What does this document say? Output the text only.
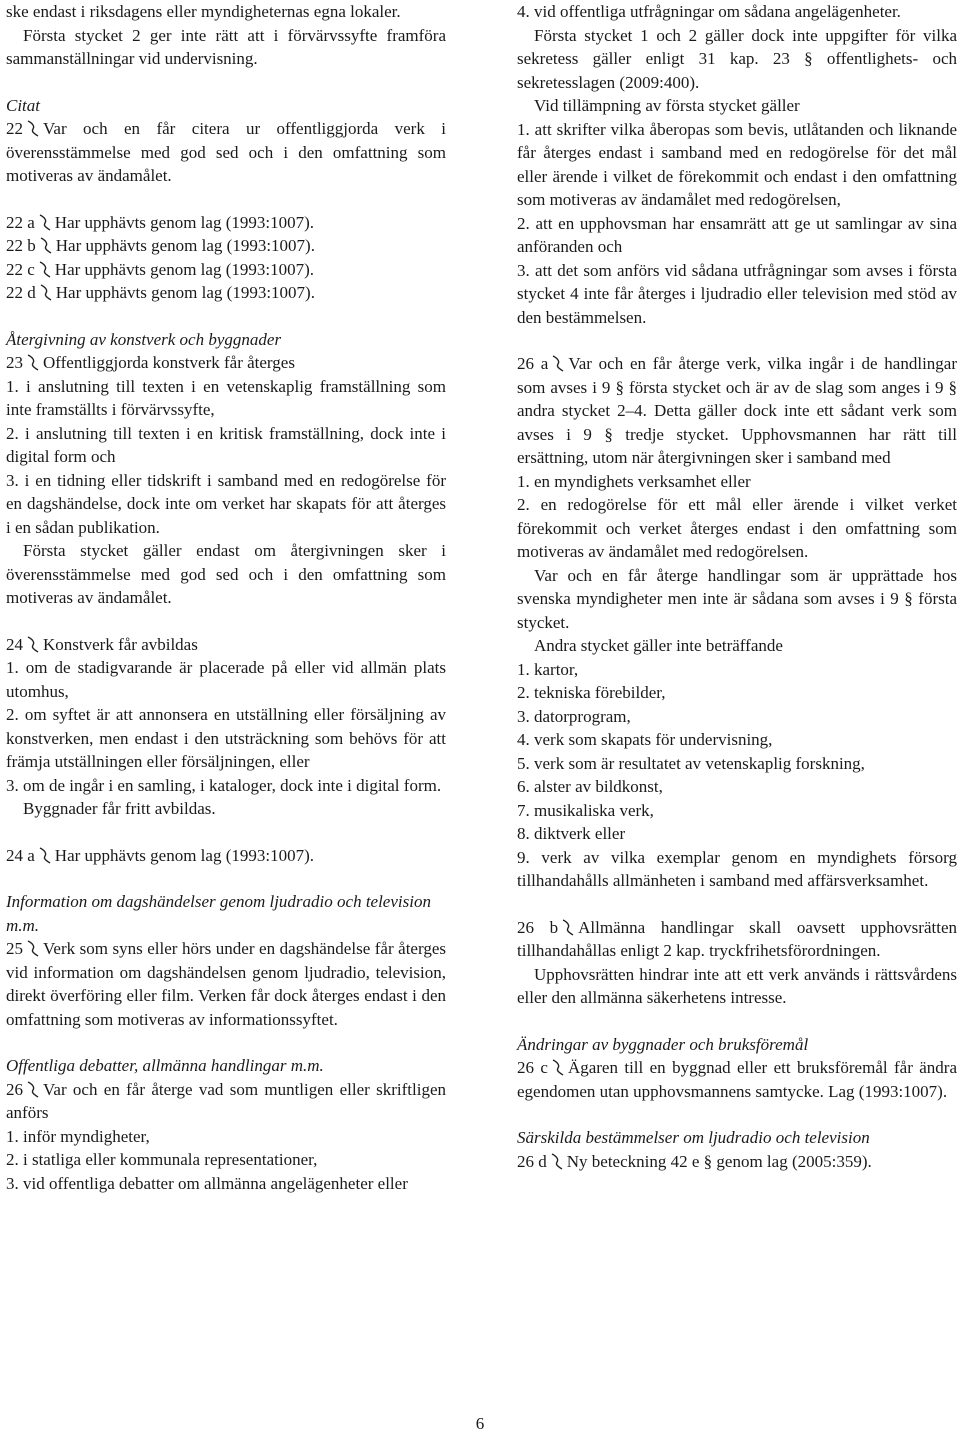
ske endast i riksdagens eller myndigheternas egna lokaler.

Första stycket 2 ger inte rätt att i förvärvssyfte framföra sammanställningar vid undervisning.

Citat

22 Var och en får citera ur offentliggjorda verk i överensstämmelse med god sed och i den omfattning som motiveras av ändamålet.

22 a Har upphävts genom lag (1993:1007).

22 b Har upphävts genom lag (1993:1007).

22 c Har upphävts genom lag (1993:1007).

22 d Har upphävts genom lag (1993:1007).

Återgivning av konstverk och byggnader

23 Offentliggjorda konstverk får återges

1. i anslutning till texten i en vetenskaplig framställning som inte framställts i förvärvssyfte,

2. i anslutning till texten i en kritisk framställning, dock inte i digital form och

3. i en tidning eller tidskrift i samband med en redogörelse för en dagshändelse, dock inte om verket har skapats för att återges i en sådan publikation.

Första stycket gäller endast om återgivningen sker i överensstämmelse med god sed och i den omfattning som motiveras av ändamålet.

24 Konstverk får avbildas

1. om de stadigvarande är placerade på eller vid allmän plats utomhus,

2. om syftet är att annonsera en utställning eller försäljning av konstverken, men endast i den utsträckning som behövs för att främja utställningen eller försäljningen, eller

3. om de ingår i en samling, i kataloger, dock inte i digital form.

Byggnader får fritt avbildas.

24 a Har upphävts genom lag (1993:1007).

Information om dagshändelser genom ljudradio och television m.m.

25 Verk som syns eller hörs under en dagshändelse får återges vid information om dagshändelsen genom ljudradio, television, direkt överföring eller film. Verken får dock återges endast i den omfattning som motiveras av informationssyftet.

Offentliga debatter, allmänna handlingar m.m.

26 Var och en får återge vad som muntligen eller skriftligen anförs

1. inför myndigheter,

2. i statliga eller kommunala representationer,

3. vid offentliga debatter om allmänna angelägenheter eller

4. vid offentliga utfrågningar om sådana angelägenheter.

Första stycket 1 och 2 gäller dock inte uppgifter för vilka sekretess gäller enligt 31 kap. 23 § offentlighets- och sekretesslagen (2009:400).

Vid tillämpning av första stycket gäller

1. att skrifter vilka åberopas som bevis, utlåtanden och liknande får återges endast i samband med en redogörelse för det mål eller ärende i vilket de förekommit och endast i den omfattning som motiveras av ändamålet med redogörelsen,

2. att en upphovsman har ensamrätt att ge ut samlingar av sina anföranden och

3. att det som anförs vid sådana utfrågningar som avses i första stycket 4 inte får återges i ljudradio eller television med stöd av den bestämmelsen.

26 a Var och en får återge verk, vilka ingår i de handlingar som avses i 9 § första stycket och är av de slag som anges i 9 § andra stycket 2–4. Detta gäller dock inte ett sådant verk som avses i 9 § tredje stycket. Upphovsmannen har rätt till ersättning, utom när återgivningen sker i samband med

1. en myndighets verksamhet eller

2. en redogörelse för ett mål eller ärende i vilket verket förekommit och verket återges endast i den omfattning som motiveras av ändamålet med redogörelsen.

Var och en får återge handlingar som är upprättade hos svenska myndigheter men inte är sådana som avses i 9 § första stycket.

Andra stycket gäller inte beträffande

1. kartor,

2. tekniska förebilder,

3. datorprogram,

4. verk som skapats för undervisning,

5. verk som är resultatet av vetenskaplig forskning,

6. alster av bildkonst,

7. musikaliska verk,

8. diktverk eller

9. verk av vilka exemplar genom en myndighets försorg tillhandahålls allmänheten i samband med affärsverksamhet.

26 b Allmänna handlingar skall oavsett upphovsrätten tillhandahållas enligt 2 kap. tryckfrihetsförordningen.

Upphovsrätten hindrar inte att ett verk används i rättsvårdens eller den allmänna säkerhetens intresse.

Ändringar av byggnader och bruksföremål

26 c Ägaren till en byggnad eller ett bruksföremål får ändra egendomen utan upphovsmannens samtycke. Lag (1993:1007).

Särskilda bestämmelser om ljudradio och television

26 d Ny beteckning 42 e § genom lag (2005:359).

6
